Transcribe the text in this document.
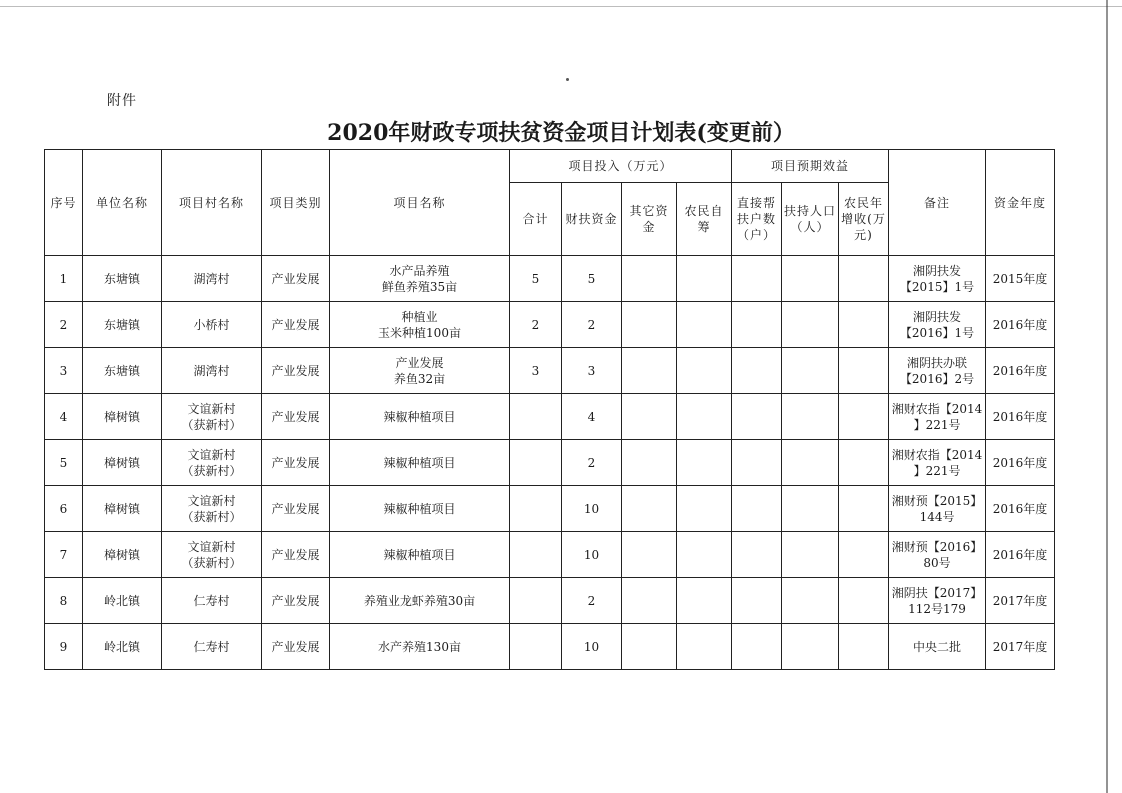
附件
2020年财政专项扶贫资金项目计划表(变更前）
序号	单位名称	项目村名称	项目类别	项目名称	项目投入（万元）				项目预期效益			备注	资金年度
					合计	财扶资金	其它资金	农民自筹	直接帮扶户数（户）	扶持人口（人）	农民年增收(万元)		
1	东塘镇	湖湾村	产业发展	水产品养殖
鲜鱼养殖35亩	5	5						湘阴扶发
【2015】1号	2015年度
2	东塘镇	小桥村	产业发展	种植业
玉米种植100亩	2	2						湘阴扶发
【2016】1号	2016年度
3	东塘镇	湖湾村	产业发展	产业发展
养鱼32亩	3	3						湘阴扶办联
【2016】2号	2016年度
4	樟树镇	文谊新村
（获新村）	产业发展	辣椒种植项目		4						湘财农指【2014
】221号	2016年度
5	樟树镇	文谊新村
（获新村）	产业发展	辣椒种植项目		2						湘财农指【2014
】221号	2016年度
6	樟树镇	文谊新村
（获新村）	产业发展	辣椒种植项目		10						湘财预【2015】
144号	2016年度
7	樟树镇	文谊新村
（获新村）	产业发展	辣椒种植项目		10						湘财预【2016】
80号	2016年度
8	岭北镇	仁寿村	产业发展	养殖业龙虾养殖30亩		2						湘阴扶【2017】
112号179	2017年度
9	岭北镇	仁寿村	产业发展	水产养殖130亩		10						中央二批	2017年度
